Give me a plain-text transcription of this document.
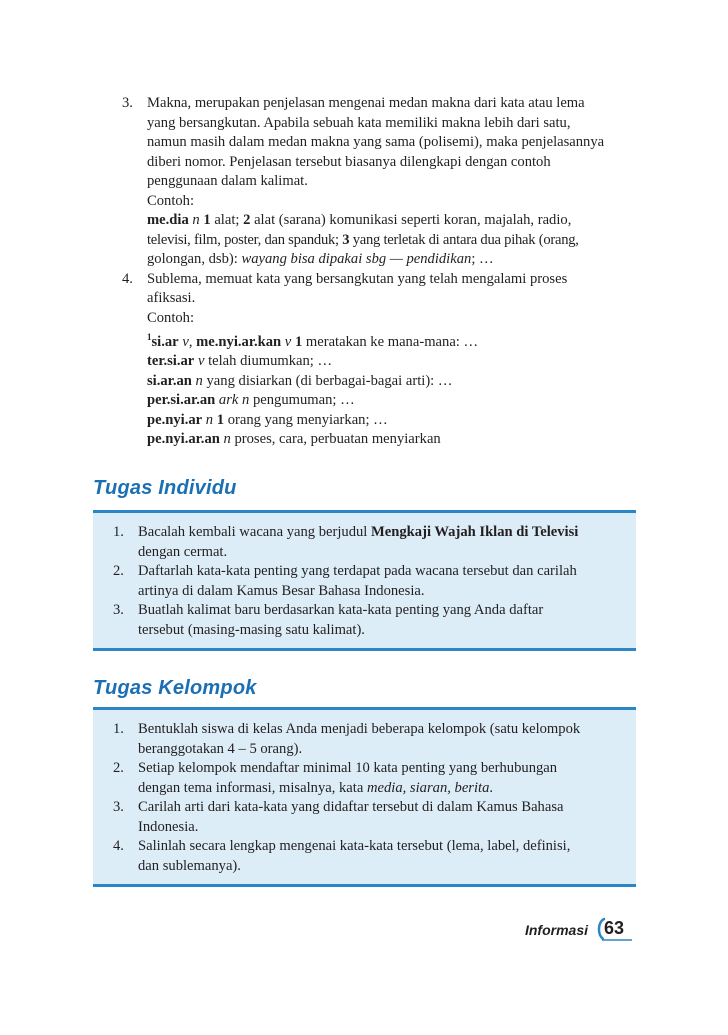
3. Makna, merupakan penjelasan mengenai medan makna dari kata atau lema
yang bersangkutan. Apabila sebuah kata memiliki makna lebih dari satu,
namun masih dalam medan makna yang sama (polisemi), maka penjelasannya
diberi nomor. Penjelasan tersebut biasanya dilengkapi dengan contoh
penggunaan dalam kalimat.
Contoh:
me.dia n 1 alat; 2 alat (sarana) komunikasi seperti koran, majalah, radio,
televisi, film, poster, dan spanduk; 3 yang terletak di antara dua pihak (orang,
golongan, dsb): wayang bisa dipakai sbg — pendidikan; …
4. Sublema, memuat kata yang bersangkutan yang telah mengalami proses
afiksasi.
Contoh:
$^1$si.ar v, me.nyi.ar.kan v 1 meratakan ke mana-mana: …
ter.si.ar v telah diumumkan; …
si.ar.an n yang disiarkan (di berbagai-bagai arti): …
per.si.ar.an ark n pengumuman; …
pe.nyi.ar n 1 orang yang menyiarkan; …
pe.nyi.ar.an n proses, cara, perbuatan menyiarkan
Tugas Individu
1. Bacalah kembali wacana yang berjudul Mengkaji Wajah Iklan di Televisi
dengan cermat.
2. Daftarlah kata-kata penting yang terdapat pada wacana tersebut dan carilah
artinya di dalam Kamus Besar Bahasa Indonesia.
3. Buatlah kalimat baru berdasarkan kata-kata penting yang Anda daftar
tersebut (masing-masing satu kalimat).
Tugas Kelompok
1. Bentuklah siswa di kelas Anda menjadi beberapa kelompok (satu kelompok
beranggotakan 4 – 5 orang).
2. Setiap kelompok mendaftar minimal 10 kata penting yang berhubungan
dengan tema informasi, misalnya, kata media, siaran, berita.
3. Carilah arti dari kata-kata yang didaftar tersebut di dalam Kamus Bahasa
Indonesia.
4. Salinlah secara lengkap mengenai kata-kata tersebut (lema, label, definisi,
dan sublemanya).
Informasi 63
